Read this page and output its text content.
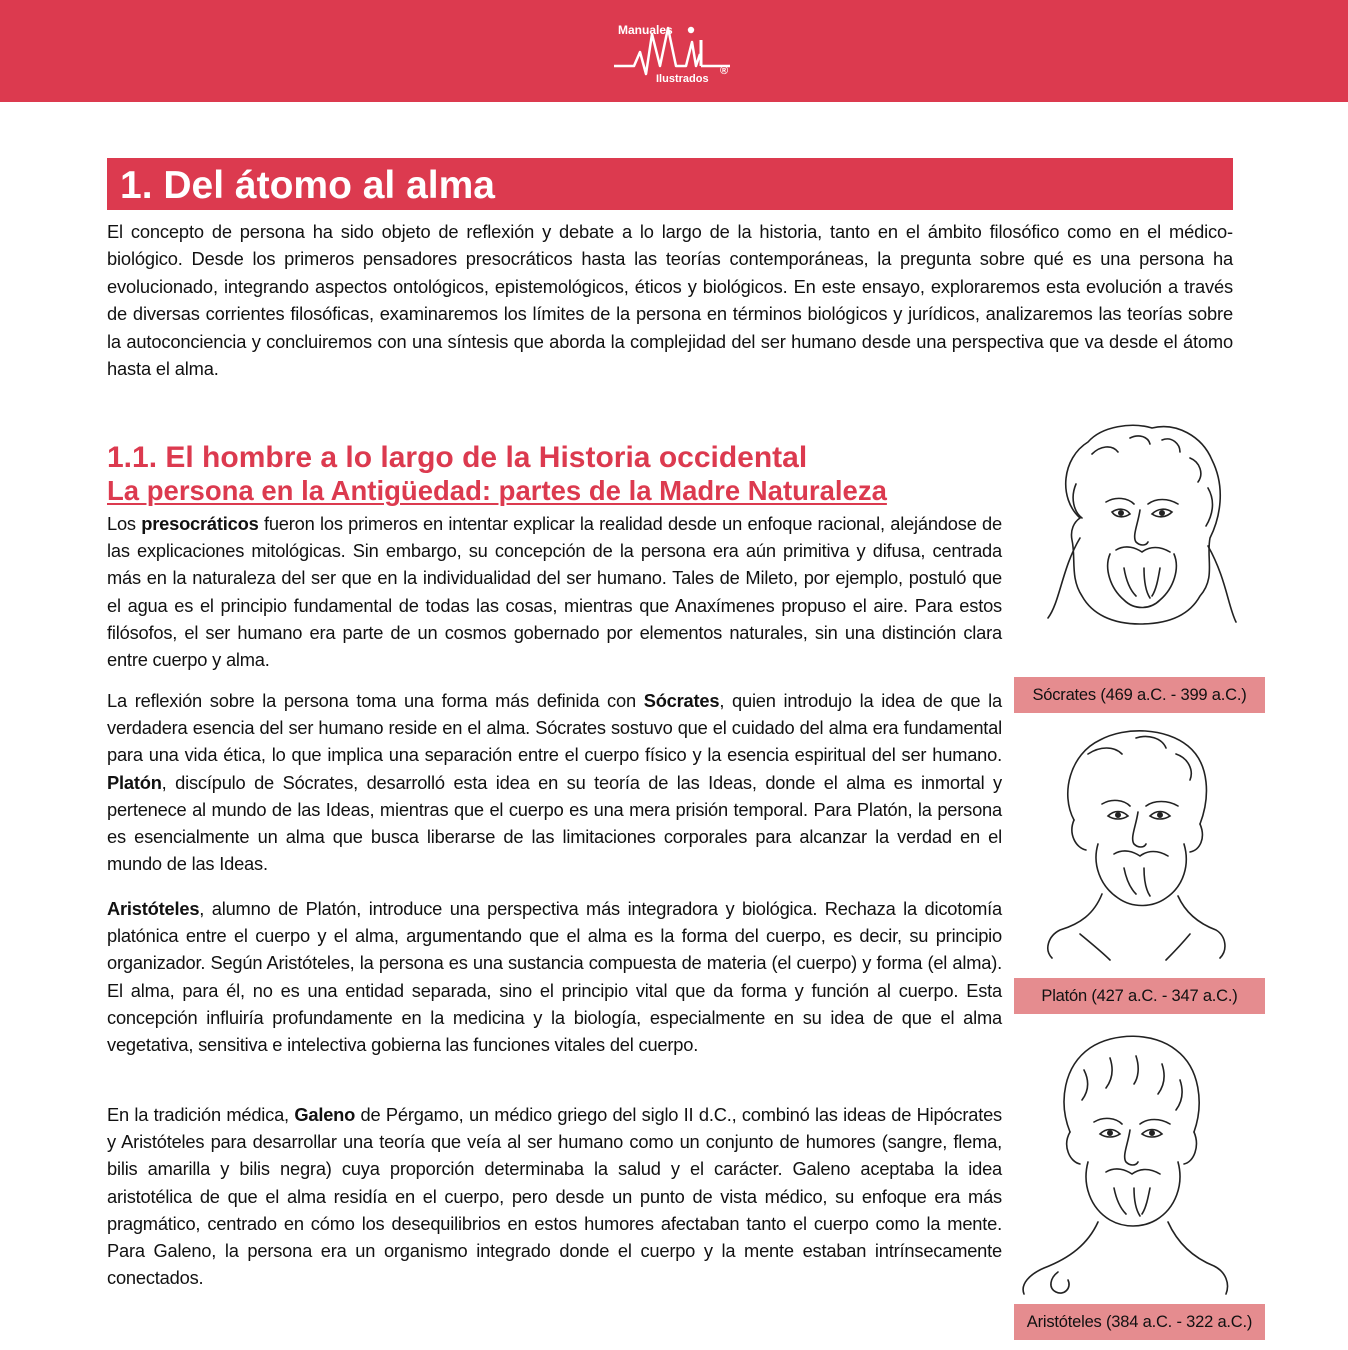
Manuales
Ilustrados
®
1. Del átomo al alma

El concepto de persona ha sido objeto de reflexión y debate a lo largo de la historia, tanto en el ámbito filosófico como en el médico-biológico. Desde los primeros pensadores presocráticos hasta las teorías contemporáneas, la pregunta sobre qué es una persona ha evolucionado, integrando aspectos ontológicos, epistemológicos, éticos y biológicos. En este ensayo, exploraremos esta evolución a través de diversas corrientes filosóficas, examinaremos los límites de la persona en términos biológicos y jurídicos, analizaremos las teorías sobre la autoconciencia y concluiremos con una síntesis que aborda la complejidad del ser humano desde una perspectiva que va desde el átomo hasta el alma.

1.1. El hombre a lo largo de la Historia occidental
La persona en la Antigüedad: partes de la Madre Naturaleza

Los presocráticos fueron los primeros en intentar explicar la realidad desde un enfoque racional, alejándose de las explicaciones mitológicas. Sin embargo, su concepción de la persona era aún primitiva y difusa, centrada más en la naturaleza del ser que en la individualidad del ser humano. Tales de Mileto, por ejemplo, postuló que el agua es el principio fundamental de todas las cosas, mientras que Anaxímenes propuso el aire. Para estos filósofos, el ser humano era parte de un cosmos gobernado por elementos naturales, sin una distinción clara entre cuerpo y alma.

La reflexión sobre la persona toma una forma más definida con Sócrates, quien introdujo la idea de que la verdadera esencia del ser humano reside en el alma. Sócrates sostuvo que el cuidado del alma era fundamental para una vida ética, lo que implica una separación entre el cuerpo físico y la esencia espiritual del ser humano. Platón, discípulo de Sócrates, desarrolló esta idea en su teoría de las Ideas, donde el alma es inmortal y pertenece al mundo de las Ideas, mientras que el cuerpo es una mera prisión temporal. Para Platón, la persona es esencialmente un alma que busca liberarse de las limitaciones corporales para alcanzar la verdad en el mundo de las Ideas.

Aristóteles, alumno de Platón, introduce una perspectiva más integradora y biológica. Rechaza la dicotomía platónica entre el cuerpo y el alma, argumentando que el alma es la forma del cuerpo, es decir, su principio organizador. Según Aristóteles, la persona es una sustancia compuesta de materia (el cuerpo) y forma (el alma). El alma, para él, no es una entidad separada, sino el principio vital que da forma y función al cuerpo. Esta concepción influiría profundamente en la medicina y la biología, especialmente en su idea de que el alma vegetativa, sensitiva e intelectiva gobierna las funciones vitales del cuerpo.

En la tradición médica, Galeno de Pérgamo, un médico griego del siglo II d.C., combinó las ideas de Hipócrates y Aristóteles para desarrollar una teoría que veía al ser humano como un conjunto de humores (sangre, flema, bilis amarilla y bilis negra) cuya proporción determinaba la salud y el carácter. Galeno aceptaba la idea aristotélica de que el alma residía en el cuerpo, pero desde un punto de vista médico, su enfoque era más pragmático, centrado en cómo los desequilibrios en estos humores afectaban tanto el cuerpo como la mente. Para Galeno, la persona era un organismo integrado donde el cuerpo y la mente estaban intrínsecamente conectados.

Sócrates (469 a.C. - 399 a.C.)
Platón (427 a.C. - 347 a.C.)
Aristóteles (384 a.C. - 322 a.C.)
